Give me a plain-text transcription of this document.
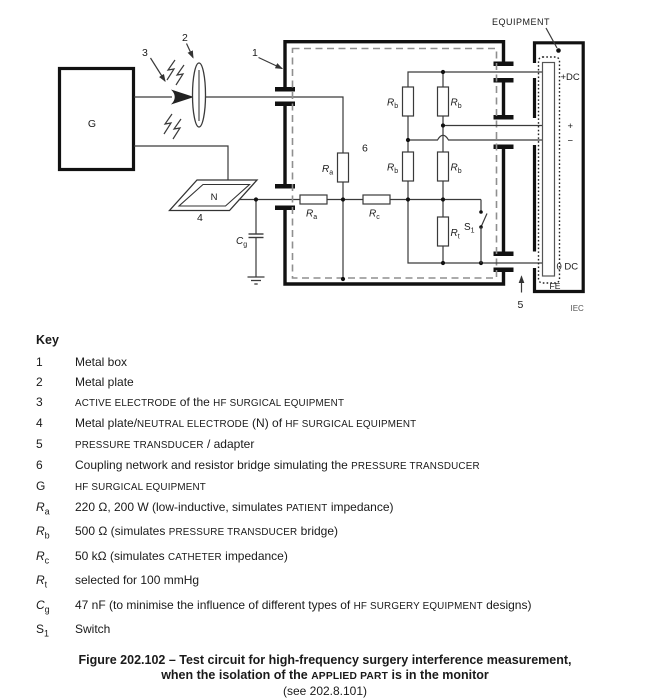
G
3
2
N
4
$C_g$
1
6
$R_a$
$R_a$	$R_c$
$R_b$
$R_b$
$R_b$
$R_b$
$R_t$
$S_1$
+DC
+
−
0 DC
FE
EQUIPMENT
IEC
5
Key
1	Metal box
2	Metal plate
3	ACTIVE ELECTRODE of the HF SURGICAL EQUIPMENT
4	Metal plate/NEUTRAL ELECTRODE (N) of HF SURGICAL EQUIPMENT
5	PRESSURE TRANSDUCER / adapter
6	Coupling network and resistor bridge simulating the PRESSURE TRANSDUCER
G	HF SURGICAL EQUIPMENT
$R_a$	220 Ω, 200 W (low-inductive, simulates PATIENT impedance)
$R_b$	500 Ω (simulates PRESSURE TRANSDUCER bridge)
$R_c$	50 kΩ (simulates CATHETER impedance)
$R_t$	selected for 100 mmHg
$C_g$	47 nF (to minimise the influence of different types of HF SURGERY EQUIPMENT designs)
$S_1$	Switch
Figure 202.102 – Test circuit for high-frequency surgery interference measurement,
when the isolation of the APPLIED PART is in the monitor
(see 202.8.101)
